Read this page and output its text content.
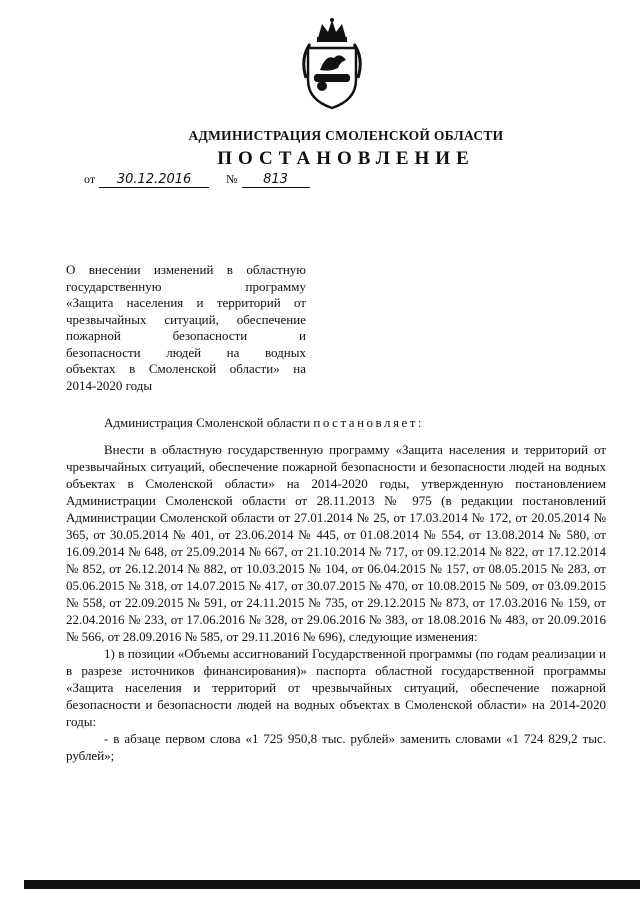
АДМИНИСТРАЦИЯ СМОЛЕНСКОЙ ОБЛАСТИ
ПОСТАНОВЛЕНИЕ
от 30.12.2016	№ 813

О внесении изменений в областную

государственную программу

«Защита населения и территорий от

чрезвычайных ситуаций, обеспечение

пожарной безопасности и

безопасности людей на водных

объектах в Смоленской области» на

2014-2020 годы

Администрация Смоленской области постановляет:

Внести в областную государственную программу «Защита населения и территорий от чрезвычайных ситуаций, обеспечение пожарной безопасности и безопасности людей на водных объектах в Смоленской области» на 2014-2020 годы, утвержденную постановлением Администрации Смоленской области от 28.11.2013 № 975 (в редакции постановлений Администрации Смоленской области от 27.01.2014 № 25, от 17.03.2014 № 172, от 20.05.2014 № 365, от 30.05.2014 № 401, от 23.06.2014 № 445, от 01.08.2014 № 554, от 13.08.2014 № 580, от 16.09.2014 № 648, от 25.09.2014 № 667, от 21.10.2014 № 717, от 09.12.2014 № 822, от 17.12.2014 № 852, от 26.12.2014 № 882, от 10.03.2015 № 104, от 06.04.2015 № 157, от 08.05.2015 № 283, от 05.06.2015 № 318, от 14.07.2015 № 417, от 30.07.2015 № 470, от 10.08.2015 № 509, от 03.09.2015 № 558, от 22.09.2015 № 591, от 24.11.2015 № 735, от 29.12.2015 № 873, от 17.03.2016 № 159, от 22.04.2016 № 233, от 17.06.2016 № 328, от 29.06.2016 № 383, от 18.08.2016 № 483, от 20.09.2016 № 566, от 28.09.2016 № 585, от 29.11.2016 № 696), следующие изменения:

1) в позиции «Объемы ассигнований Государственной программы (по годам реализации и в разрезе источников финансирования)» паспорта областной государственной программы «Защита населения и территорий от чрезвычайных ситуаций, обеспечение пожарной безопасности и безопасности людей на водных объектах в Смоленской области» на 2014-2020 годы:

- в абзаце первом слова «1 725 950,8 тыс. рублей» заменить словами «1 724 829,2 тыс. рублей»;
